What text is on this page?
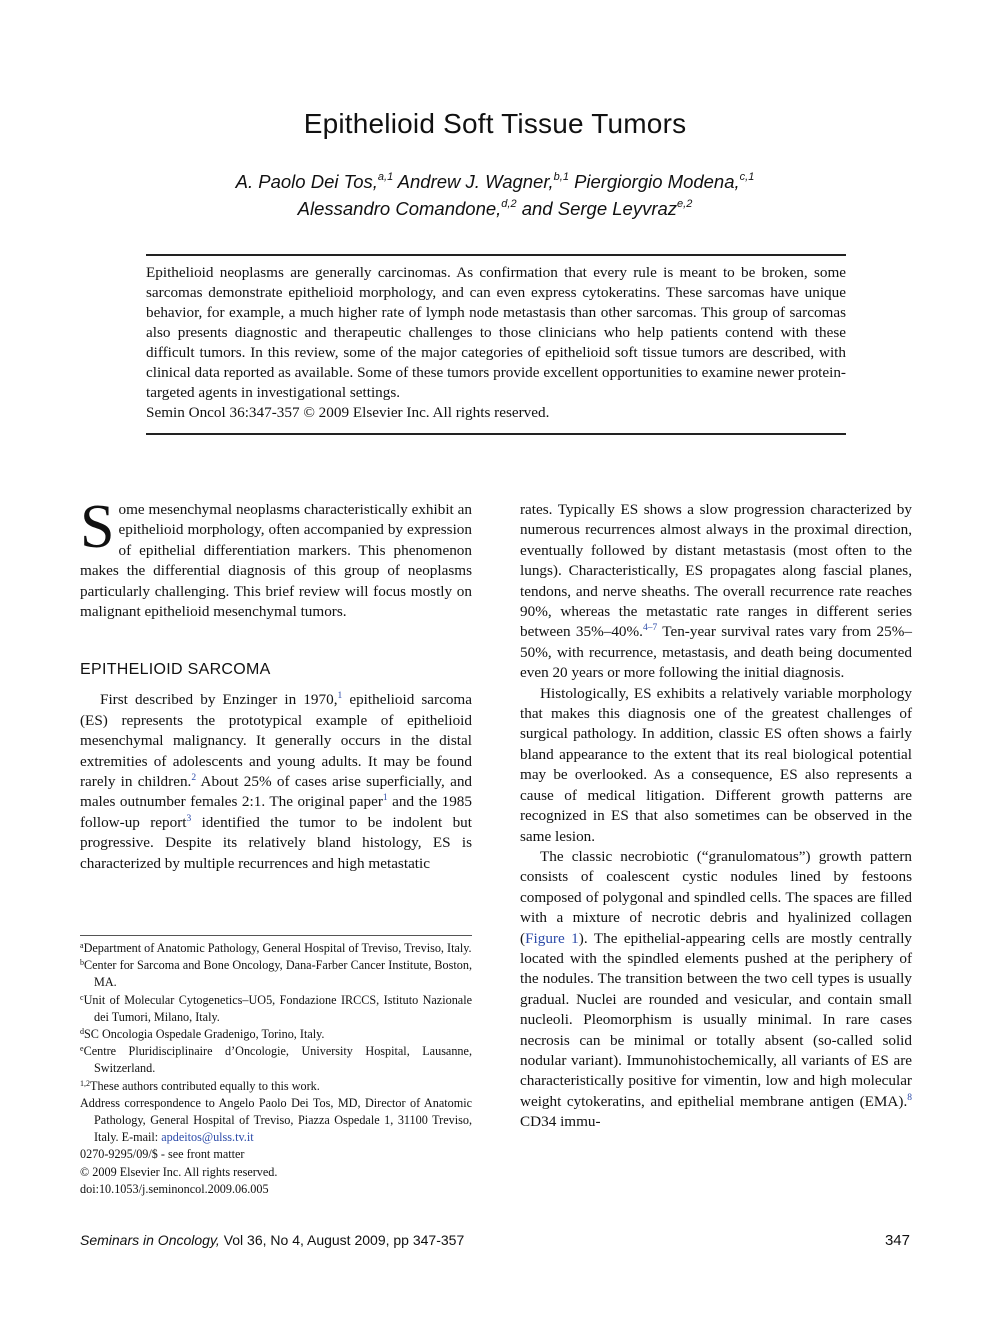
Epithelioid Soft Tissue Tumors
A. Paolo Dei Tos,$^{a,1}$ Andrew J. Wagner,$^{b,1}$ Piergiorgio Modena,$^{c,1}$
Alessandro Comandone,$^{d,2}$ and Serge Leyvraz$^{e,2}$

Epithelioid neoplasms are generally carcinomas. As confirmation that every rule is meant to be broken, some sarcomas demonstrate epithelioid morphology, and can even express cytokeratins. These sarcomas have unique behavior, for example, a much higher rate of lymph node metastasis than other sarcomas. This group of sarcomas also presents diagnostic and therapeutic challenges to those clinicians who help patients contend with these difficult tumors. In this review, some of the major categories of epithelioid soft tissue tumors are described, with clinical data reported as available. Some of these tumors provide excellent opportunities to examine newer protein-targeted agents in investigational settings.

Semin Oncol 36:347-357 © 2009 Elsevier Inc. All rights reserved.

Some mesenchymal neoplasms characteristically exhibit an epithelioid morphology, often accompanied by expression of epithelial differentiation markers. This phenomenon makes the differential diagnosis of this group of neoplasms particularly challenging. This brief review will focus mostly on malignant epithelioid mesenchymal tumors.

EPITHELIOID SARCOMA

First described by Enzinger in 1970,$^1$ epithelioid sarcoma (ES) represents the prototypical example of epithelioid mesenchymal malignancy. It generally occurs in the distal extremities of adolescents and young adults. It may be found rarely in children.$^2$ About 25% of cases arise superficially, and males outnumber females 2:1. The original paper$^1$ and the 1985 follow-up report$^3$ identified the tumor to be indolent but progressive. Despite its relatively bland histology, ES is characterized by multiple recurrences and high metastatic

$^a$Department of Anatomic Pathology, General Hospital of Treviso, Treviso, Italy.

$^b$Center for Sarcoma and Bone Oncology, Dana-Farber Cancer Institute, Boston, MA.

$^c$Unit of Molecular Cytogenetics–UO5, Fondazione IRCCS, Istituto Nazionale dei Tumori, Milano, Italy.

$^d$SC Oncologia Ospedale Gradenigo, Torino, Italy.

$^e$Centre Pluridisciplinaire d’Oncologie, University Hospital, Lausanne, Switzerland.

$^{1,2}$These authors contributed equally to this work.

Address correspondence to Angelo Paolo Dei Tos, MD, Director of Anatomic Pathology, General Hospital of Treviso, Piazza Ospedale 1, 31100 Treviso, Italy. E-mail: apdeitos@ulss.tv.it

0270-9295/09/$ - see front matter

© 2009 Elsevier Inc. All rights reserved.

doi:10.1053/j.seminoncol.2009.06.005

rates. Typically ES shows a slow progression characterized by numerous recurrences almost always in the proximal direction, eventually followed by distant metastasis (most often to the lungs). Characteristically, ES propagates along fascial planes, tendons, and nerve sheaths. The overall recurrence rate reaches 90%, whereas the metastatic rate ranges in different series between 35%–40%.$^{4-7}$ Ten-year survival rates vary from 25%–50%, with recurrence, metastasis, and death being documented even 20 years or more following the initial diagnosis.

Histologically, ES exhibits a relatively variable morphology that makes this diagnosis one of the greatest challenges of surgical pathology. In addition, classic ES often shows a fairly bland appearance to the extent that its real biological potential may be overlooked. As a consequence, ES also represents a cause of medical litigation. Different growth patterns are recognized in ES that also sometimes can be observed in the same lesion.

The classic necrobiotic (“granulomatous”) growth pattern consists of coalescent cystic nodules lined by festoons composed of polygonal and spindled cells. The spaces are filled with a mixture of necrotic debris and hyalinized collagen (Figure 1). The epithelial-appearing cells are mostly centrally located with the spindled elements pushed at the periphery of the nodules. The transition between the two cell types is usually gradual. Nuclei are rounded and vesicular, and contain small nucleoli. Pleomorphism is usually minimal. In rare cases necrosis can be minimal or totally absent (so-called solid nodular variant). Immunohistochemically, all variants of ES are characteristically positive for vimentin, low and high molecular weight cytokeratins, and epithelial membrane antigen (EMA).$^8$ CD34 immu-

Seminars in Oncology, Vol 36, No 4, August 2009, pp 347-357	347
